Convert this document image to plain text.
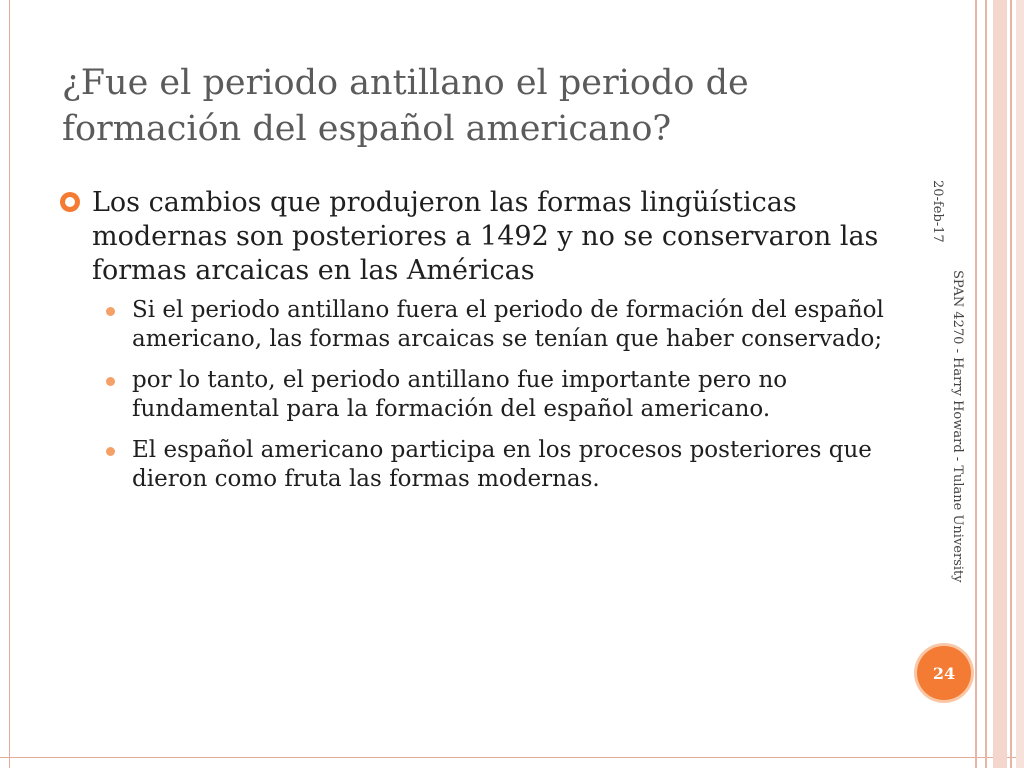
¿Fue el periodo antillano el periodo de
formación del español americano?
Los cambios que produjeron las formas lingüísticas modernas son posteriores a 1492 y no se conservaron las formas arcaicas en las Américas
Si el periodo antillano fuera el periodo de formación del español americano, las formas arcaicas se tenían que haber conservado;
por lo tanto, el periodo antillano fue importante pero no fundamental para la formación del español americano.
El español americano participa en los procesos posteriores que dieron como fruta las formas modernas.
20-feb-17
SPAN 4270 - Harry Howard - Tulane University
24
